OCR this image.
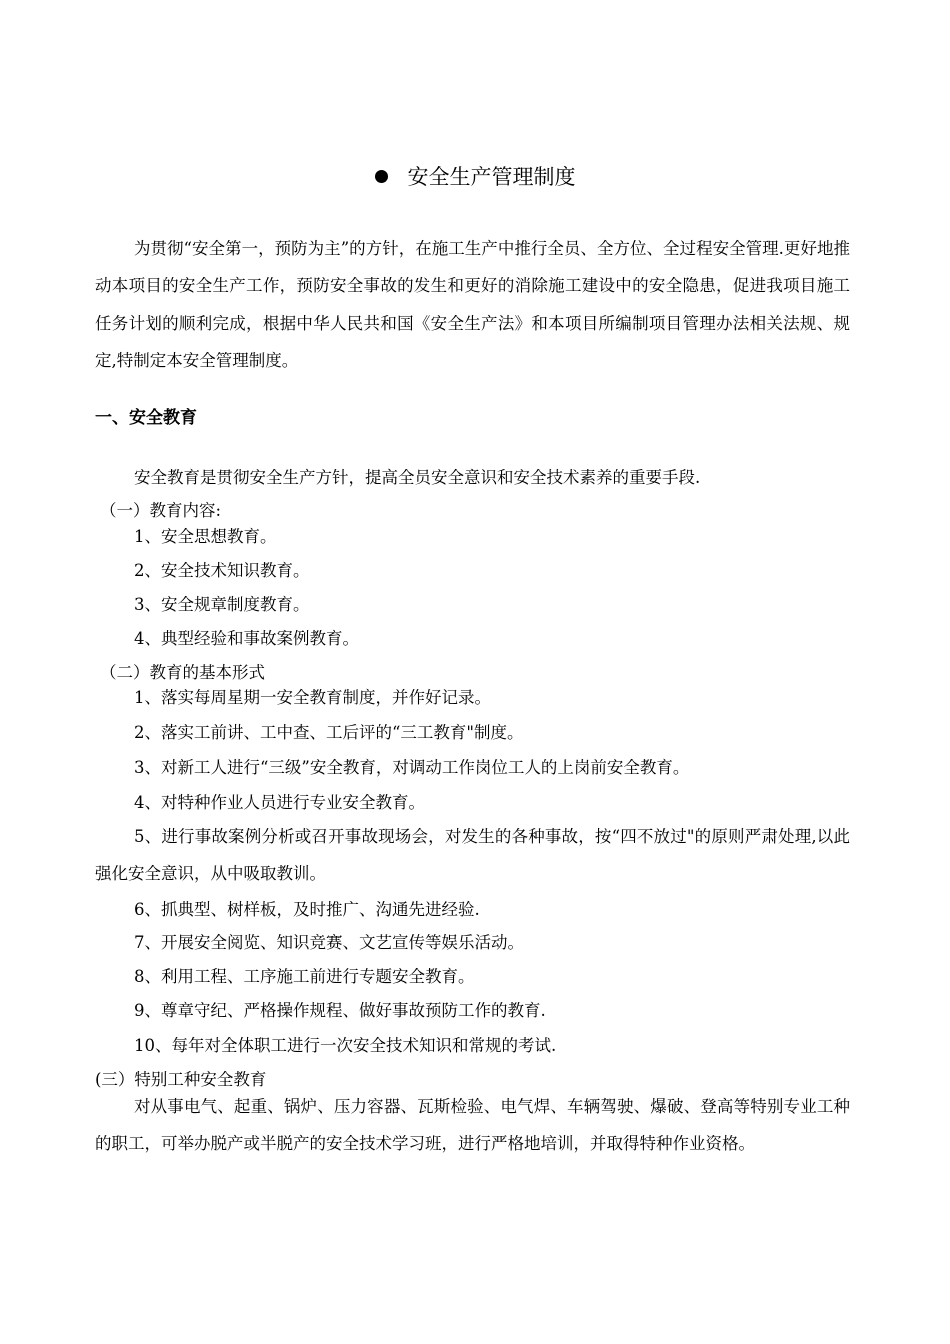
安全生产管理制度

为贯彻“安全第一，预防为主”的方针，在施工生产中推行全员、全方位、全过程安全管理.更好地推动本项目的安全生产工作，预防安全事故的发生和更好的消除施工建设中的安全隐患，促进我项目施工任务计划的顺利完成，根据中华人民共和国《安全生产法》和本项目所编制项目管理办法相关法规、规定,特制定本安全管理制度。

一、安全教育

安全教育是贯彻安全生产方针，提高全员安全意识和安全技术素养的重要手段.

（一）教育内容:

1、安全思想教育。

2、安全技术知识教育。

3、安全规章制度教育。

4、典型经验和事故案例教育。

（二）教育的基本形式

1、落实每周星期一安全教育制度，并作好记录。

2、落实工前讲、工中查、工后评的“三工教育"制度。

3、对新工人进行“三级”安全教育，对调动工作岗位工人的上岗前安全教育。

4、对特种作业人员进行专业安全教育。

5、进行事故案例分析或召开事故现场会，对发生的各种事故，按“四不放过"的原则严肃处理,以此强化安全意识，从中吸取教训。

6、抓典型、树样板，及时推广、沟通先进经验.

7、开展安全阅览、知识竞赛、文艺宣传等娱乐活动。

8、利用工程、工序施工前进行专题安全教育。

9、尊章守纪、严格操作规程、做好事故预防工作的教育.

10、每年对全体职工进行一次安全技术知识和常规的考试.

(三）特别工种安全教育

对从事电气、起重、锅炉、压力容器、瓦斯检验、电气焊、车辆驾驶、爆破、登高等特别专业工种的职工，可举办脱产或半脱产的安全技术学习班，进行严格地培训，并取得特种作业资格。
